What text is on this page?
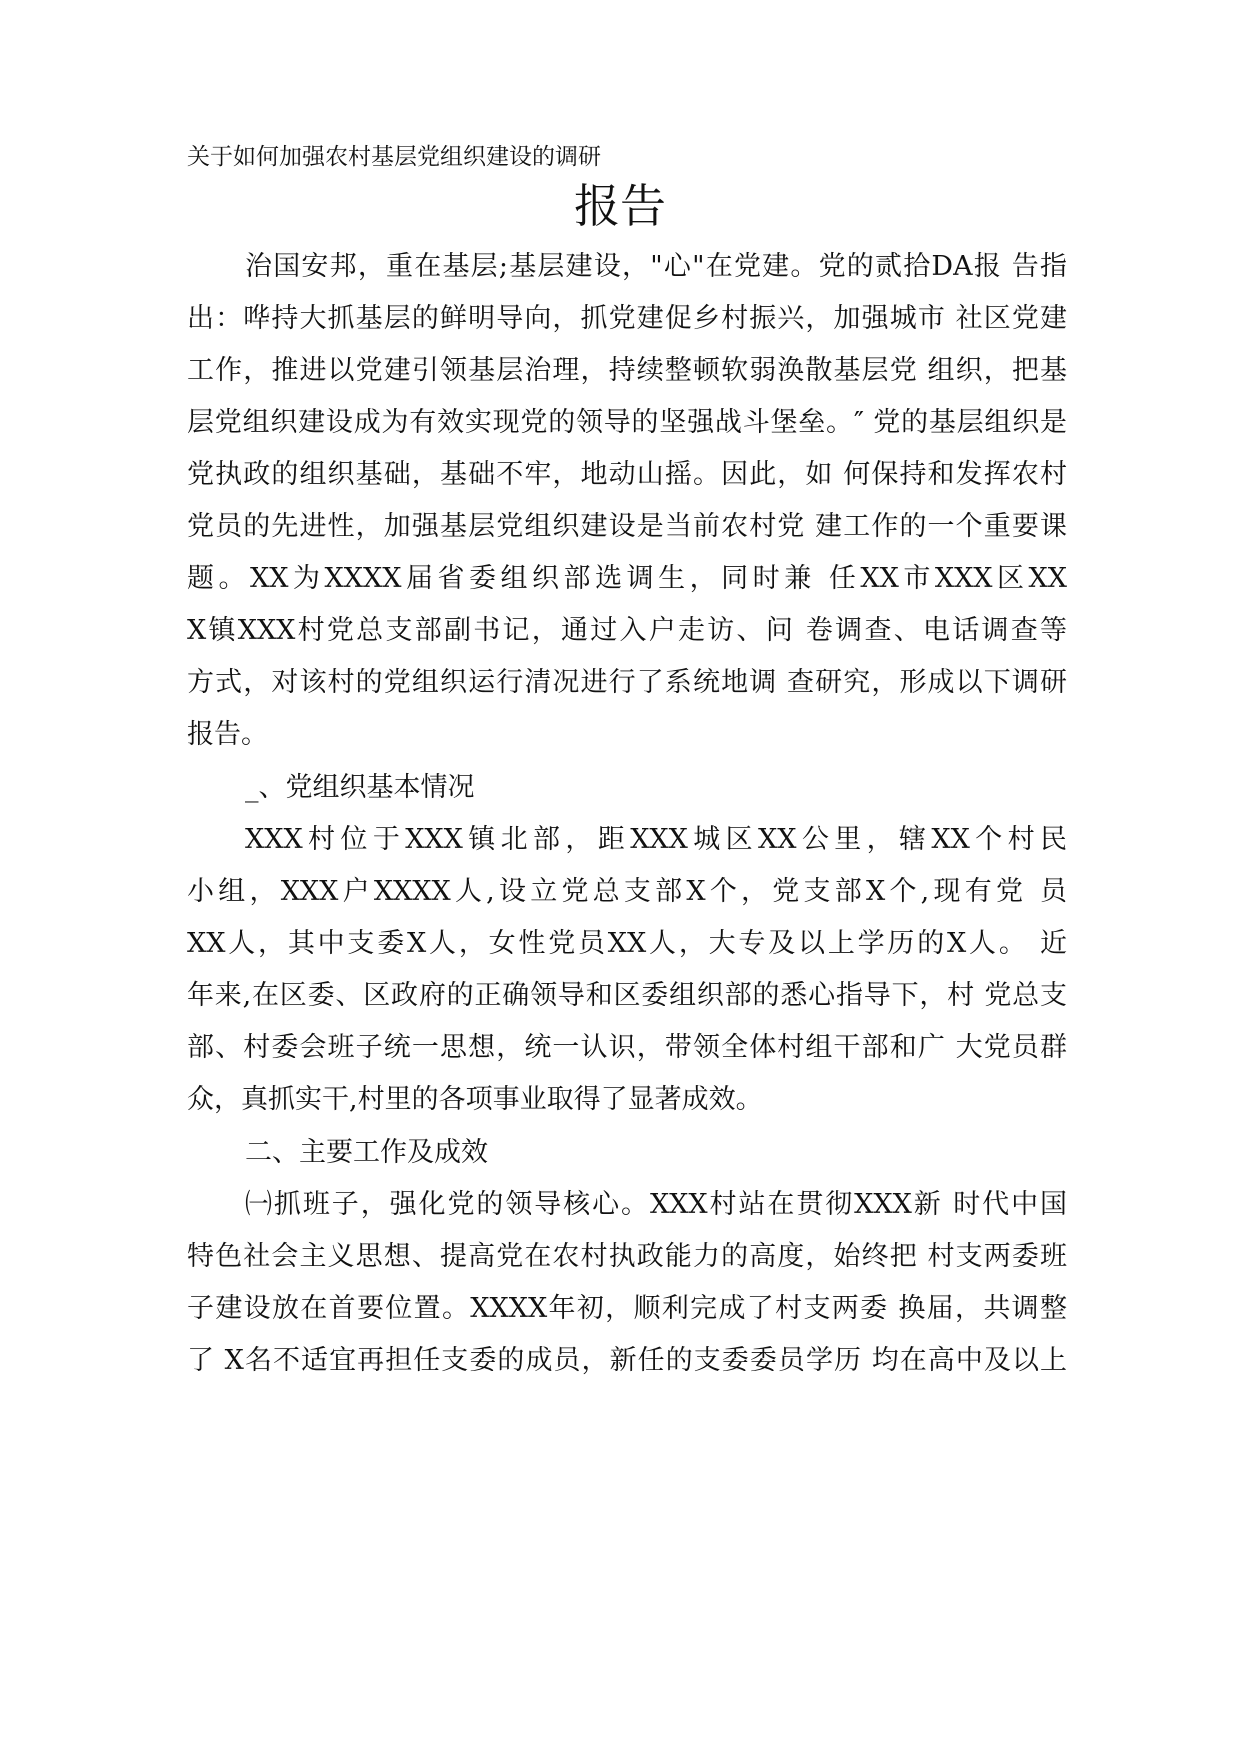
关于如何加强农村基层党组织建设的调研
报告
治国安邦，重在基层;基层建设，"心"在党建。党的贰拾DA报 告指
出：哗持大抓基层的鲜明导向，抓党建促乡村振兴，加强城市 社区党建
工作，推进以党建引领基层治理，持续整顿软弱涣散基层党 组织，把基
层党组织建设成为有效实现党的领导的坚强战斗堡垒。″ 党的基层组织是
党执政的组织基础，基础不牢，地动山摇。因此，如 何保持和发挥农村
党员的先进性，加强基层党组织建设是当前农村党 建工作的一个重要课
题。XX为XXXX届省委组织部选调生，同时兼 任XX市XXX区XX
X镇XXX村党总支部副书记，通过入户走访、问 卷调查、电话调查等
方式，对该村的党组织运行清况进行了系统地调 查研究，形成以下调研
报告。
_、党组织基本情况
XXX村位于XXX镇北部，距XXX城区XX公里，辖XX个村民
小组，XXX户XXXX人,设立党总支部X个，党支部X个,现有党 员
XX人，其中支委X人，女性党员XX人，大专及以上学历的X人。 近
年来,在区委、区政府的正确领导和区委组织部的悉心指导下，村 党总支
部、村委会班子统一思想，统一认识，带领全体村组干部和广 大党员群
众，真抓实干,村里的各项事业取得了显著成效。
二、主要工作及成效
㈠抓班子，强化党的领导核心。XXX村站在贯彻XXX新 时代中国
特色社会主义思想、提高党在农村执政能力的高度，始终把 村支两委班
子建设放在首要位置。XXXX年初，顺利完成了村支两委 换届，共调整
了 X名不适宜再担任支委的成员，新任的支委委员学历 均在高中及以上
